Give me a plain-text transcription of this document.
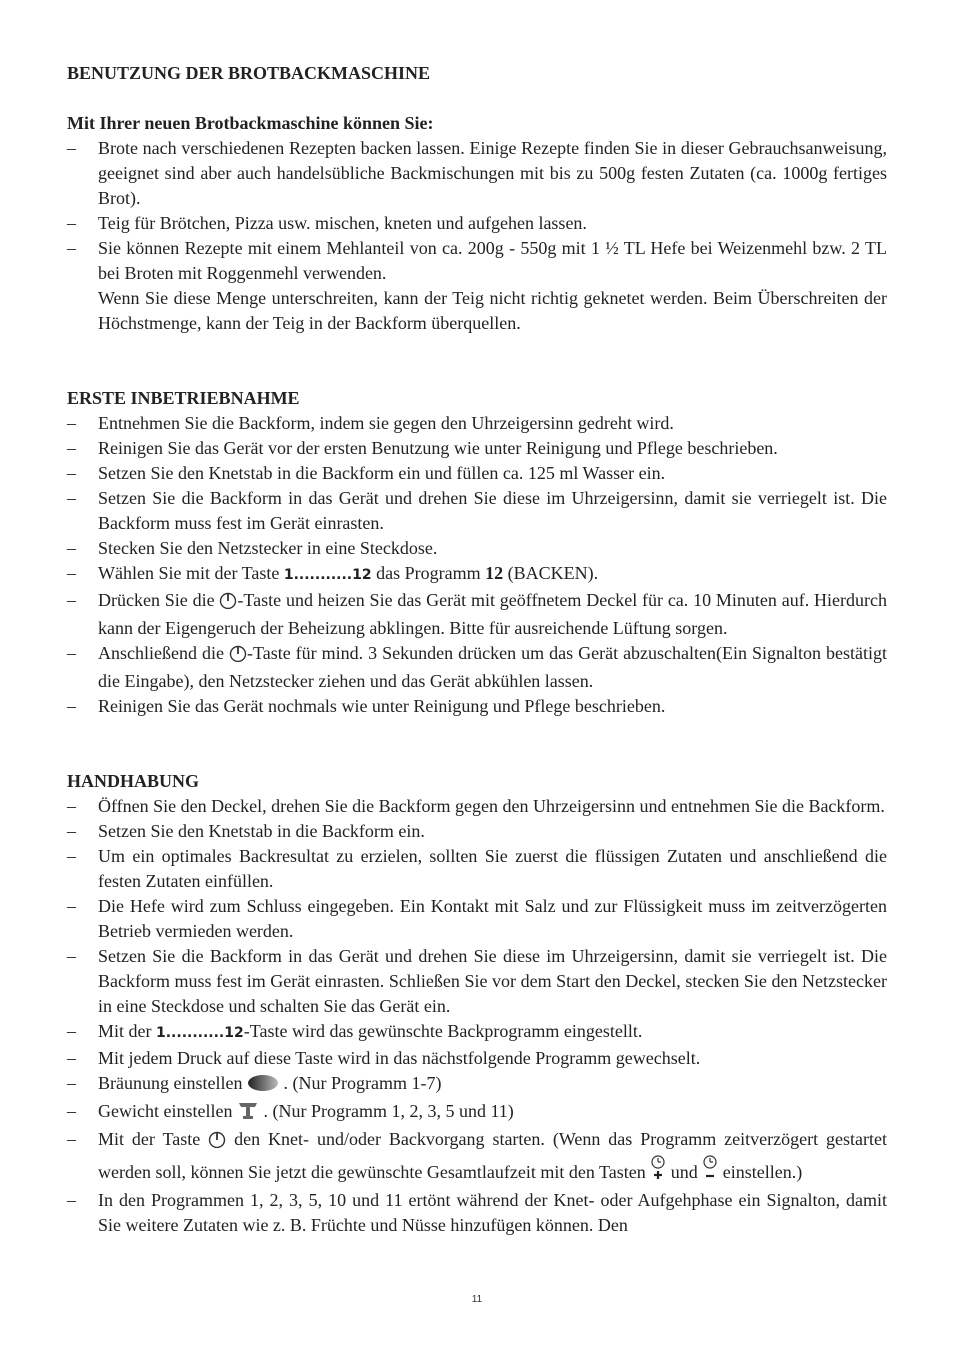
BENUTZUNG DER BROTBACKMASCHINE

Mit Ihrer neuen Brotbackmaschine können Sie:

– Brote nach verschiedenen Rezepten backen lassen. Einige Rezepte finden Sie in dieser Gebrauchsanweisung, geeignet sind aber auch handelsübliche Backmischungen mit bis zu 500g festen Zutaten (ca. 1000g fertiges Brot).
– Teig für Brötchen, Pizza usw. mischen, kneten und aufgehen lassen.
– Sie können Rezepte mit einem Mehlanteil von ca. 200g - 550g mit 1 ½ TL Hefe bei Weizenmehl bzw. 2 TL bei Broten mit Roggenmehl verwenden.

Wenn Sie diese Menge unterschreiten, kann der Teig nicht richtig geknetet werden. Beim Überschreiten der Höchstmenge, kann der Teig in der Backform überquellen.

ERSTE INBETRIEBNAHME

– Entnehmen Sie die Backform, indem sie gegen den Uhrzeigersinn gedreht wird.
– Reinigen Sie das Gerät vor der ersten Benutzung wie unter Reinigung und Pflege beschrieben.
– Setzen Sie den Knetstab in die Backform ein und füllen ca. 125 ml Wasser ein.
– Setzen Sie die Backform in das Gerät und drehen Sie diese im Uhrzeigersinn, damit sie verriegelt ist. Die Backform muss fest im Gerät einrasten.
– Stecken Sie den Netzstecker in eine Steckdose.
– Wählen Sie mit der Taste 1...........12 das Programm 12 (BACKEN).
– Drücken Sie die -Taste und heizen Sie das Gerät mit geöffnetem Deckel für ca. 10 Minuten auf. Hierdurch kann der Eigengeruch der Beheizung abklingen. Bitte für ausreichende Lüftung sorgen.
– Anschließend die -Taste für mind. 3 Sekunden drücken um das Gerät abzuschalten(Ein Signalton bestätigt die Eingabe), den Netzstecker ziehen und das Gerät abkühlen lassen.
– Reinigen Sie das Gerät nochmals wie unter Reinigung und Pflege beschrieben.

HANDHABUNG

– Öffnen Sie den Deckel, drehen Sie die Backform gegen den Uhrzeigersinn und entnehmen Sie die Backform.
– Setzen Sie den Knetstab in die Backform ein.
– Um ein optimales Backresultat zu erzielen, sollten Sie zuerst die flüssigen Zutaten und anschließend die festen Zutaten einfüllen.
– Die Hefe wird zum Schluss eingegeben. Ein Kontakt mit Salz und zur Flüssigkeit muss im zeitverzögerten Betrieb vermieden werden.
– Setzen Sie die Backform in das Gerät und drehen Sie diese im Uhrzeigersinn, damit sie verriegelt ist. Die Backform muss fest im Gerät einrasten. Schließen Sie vor dem Start den Deckel, stecken Sie den Netzstecker in eine Steckdose und schalten Sie das Gerät ein.
– Mit der 1...........12-Taste wird das gewünschte Backprogramm eingestellt.
– Mit jedem Druck auf diese Taste wird in das nächstfolgende Programm gewechselt.
– Bräunung einstellen  . (Nur Programm 1-7)
– Gewicht einstellen  . (Nur Programm 1, 2, 3, 5 und 11)
– Mit der Taste  den Knet- und/oder Backvorgang starten. (Wenn das Programm zeitverzögert gestartet werden soll, können Sie jetzt die gewünschte Gesamtlaufzeit mit den Tasten  und  einstellen.)
– In den Programmen 1, 2, 3, 5, 10 und 11 ertönt während der Knet- oder Aufgehphase ein Signalton, damit Sie weitere Zutaten wie z. B. Früchte und Nüsse hinzufügen können. Den
11
